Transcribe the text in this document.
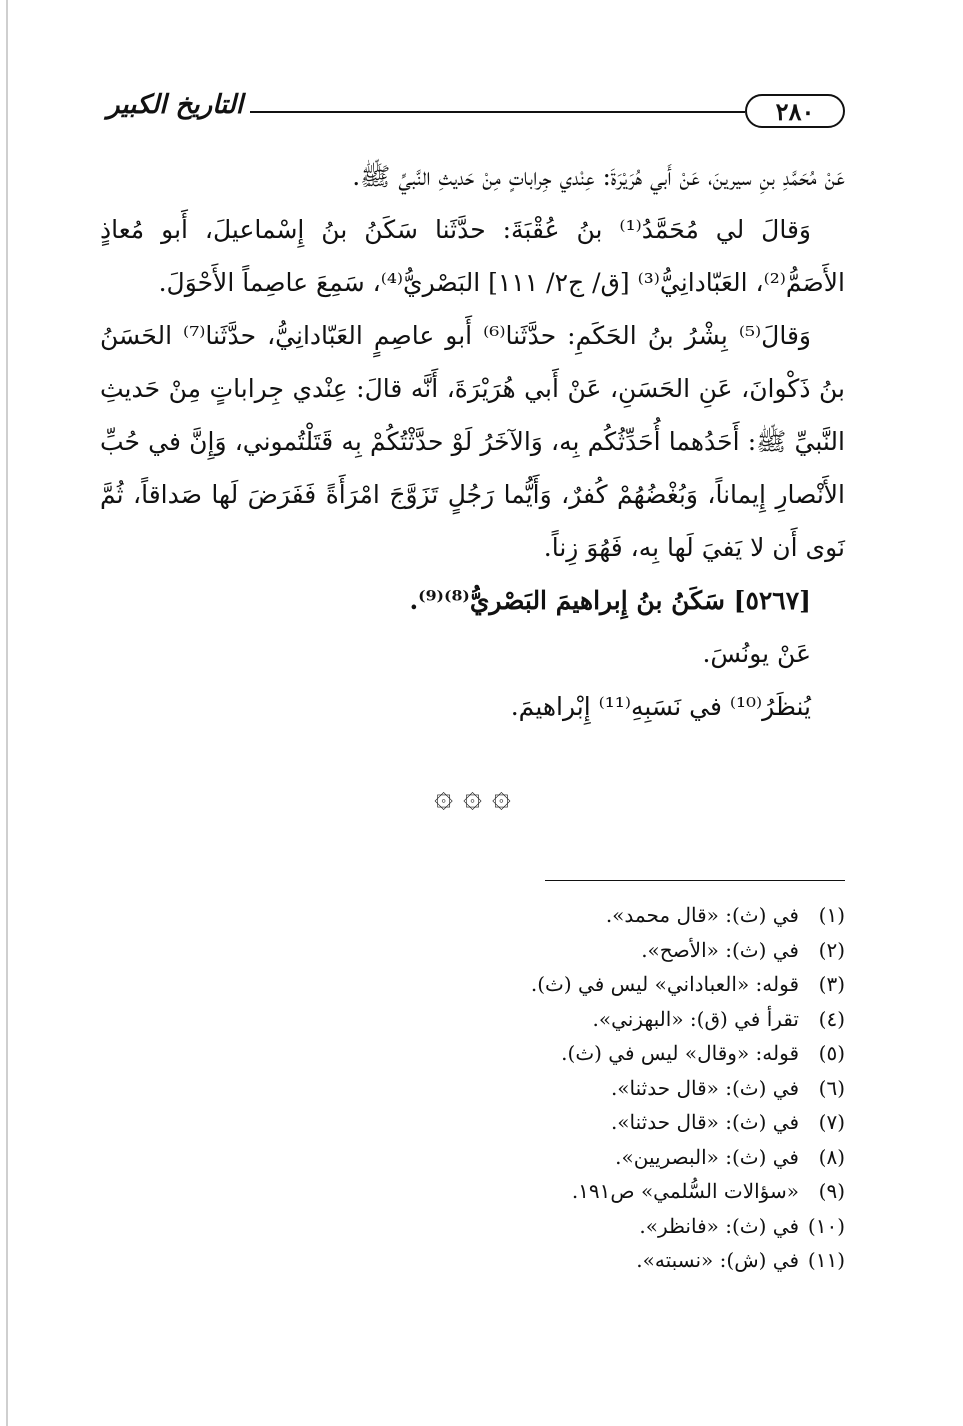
٢٨٠
التاريخ الكبير

عَنْ مُحَمَّدِ بنِ سيرينَ، عَنْ أَبي هُرَيْرَةَ: عِنْدي جِراباتٍ مِنْ حَديثِ النَّبيِّ ﷺ.

وَقالَ لي مُحَمَّدُ⁽¹⁾ بنُ عُقْبَةَ: حدَّثَنا سَكَنُ بنُ إِسْماعيلَ، أَبو مُعاذٍ الأَصَمُّ⁽²⁾، العَبّادانِيُّ⁽³⁾ [ق/ ج٢/ ١١١] البَصْريُّ⁽⁴⁾، سَمِعَ عاصِماً الأَحْوَلَ.

وَقالَ⁽⁵⁾ بِشْرُ بنُ الحَكَمِ: حدَّثَنا⁽⁶⁾ أَبو عاصِمٍ العَبّادانِيُّ، حدَّثَنا⁽⁷⁾ الحَسَنُ بنُ ذَكْوانَ، عَنِ الحَسَنِ، عَنْ أَبي هُرَيْرَةَ، أَنَّه قالَ: عِنْدي جِراباتٍ مِنْ حَديثِ النَّبيِّ ﷺ: أَحَدُهما أُحَدِّثُكُم بِه، وَالآخَرُ لَوْ حدَّثْتُكُمْ بِه قَتَلْتُموني، وَإِنَّ في حُبِّ الأَنْصارِ إِيماناً، وَبُغْضُهُمْ كُفرٌ، وَأَيُّما رَجُلٍ تَزَوَّجَ امْرَأَةً فَفَرَضَ لَها صَداقاً، ثُمَّ نَوى أَن لا يَفيَ لَها بِه، فَهُوَ زِناً.

[٥٢٦٧] سَكَنُ بنُ إِبراهيمَ البَصْريُّ⁽⁸⁾⁽⁹⁾.

عَنْ يونُسَ.

يُنظَرُ⁽¹⁰⁾ في نَسَبِهِ⁽¹¹⁾ إِبْراهيمَ.

۞ ۞ ۞
(١)
في (ث): «قال محمد».
(٢)
في (ث): «الأصح».
(٣)
قوله: «العباداني» ليس في (ث).
(٤)
تقرأ في (ق): «البهزني».
(٥)
قوله: «وقال» ليس في (ث).
(٦)
في (ث): «قال حدثنا».
(٧)
في (ث): «قال حدثنا».
(٨)
في (ث): «البصريين».
(٩)
«سؤالات السُّلمي» ص١٩١.
(١٠)
في (ث): «فانظر».
(١١)
في (ش): «نسبته».
